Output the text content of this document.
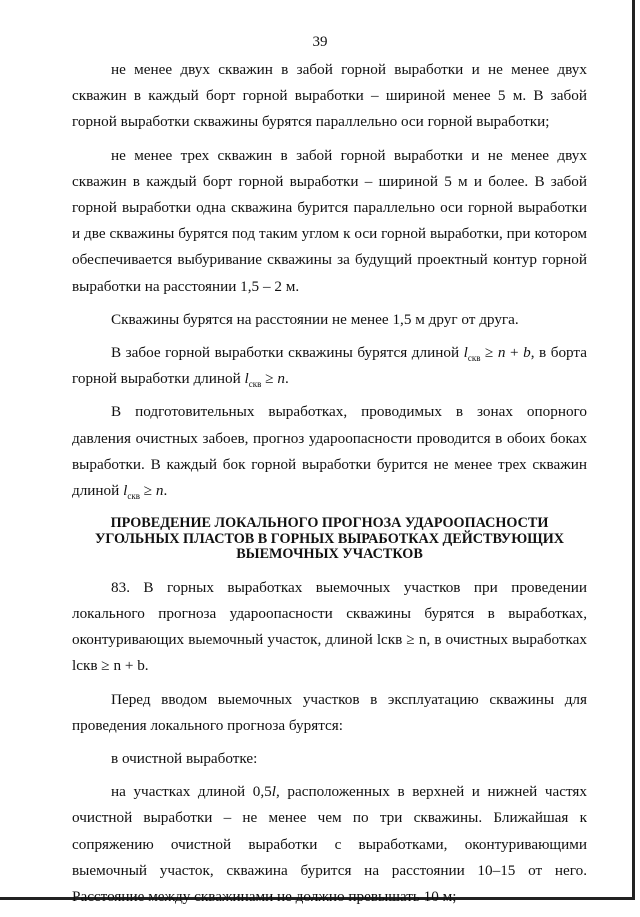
39

не менее двух скважин в забой горной выработки и не менее двух скважин в каждый борт горной выработки – шириной менее 5 м. В забой горной выработки скважины бурятся параллельно оси горной выработки;

не менее трех скважин в забой горной выработки и не менее двух скважин в каждый борт горной выработки – шириной 5 м и более. В забой горной выработки одна скважина бурится параллельно оси горной выработки и две скважины бурятся под таким углом к оси горной выработки, при котором обеспечивается выбуривание скважины за будущий проектный контур горной выработки на расстоянии 1,5 – 2 м.

Скважины бурятся на расстоянии не менее 1,5 м друг от друга.

В забое горной выработки скважины бурятся длиной $l_{скв} \ge n + b$, в борта горной выработки длиной $l_{скв} \ge n$.

В подготовительных выработках, проводимых в зонах опорного давления очистных забоев, прогноз удароопасности проводится в обоих боках выработки. В каждый бок горной выработки бурится не менее трех скважин длиной $l_{скв} \ge n$.

ПРОВЕДЕНИЕ ЛОКАЛЬНОГО ПРОГНОЗА УДАРООПАСНОСТИ УГОЛЬНЫХ ПЛАСТОВ В ГОРНЫХ ВЫРАБОТКАХ ДЕЙСТВУЮЩИХ ВЫЕМОЧНЫХ УЧАСТКОВ

83. В горных выработках выемочных участков при проведении локального прогноза удароопасности скважины бурятся в выработках, оконтуривающих выемочный участок, длиной lскв ≥ n, в очистных выработках lскв ≥ n + b.

Перед вводом выемочных участков в эксплуатацию скважины для проведения локального прогноза бурятся:

в очистной выработке:

на участках длиной 0,5l, расположенных в верхней и нижней частях очистной выработки – не менее чем по три скважины. Ближайшая к сопряжению очистной выработки с выработками, оконтуривающими выемочный участок, скважина бурится на расстоянии 10–15 от него. Расстояние между скважинами не должно превышать 10 м;
